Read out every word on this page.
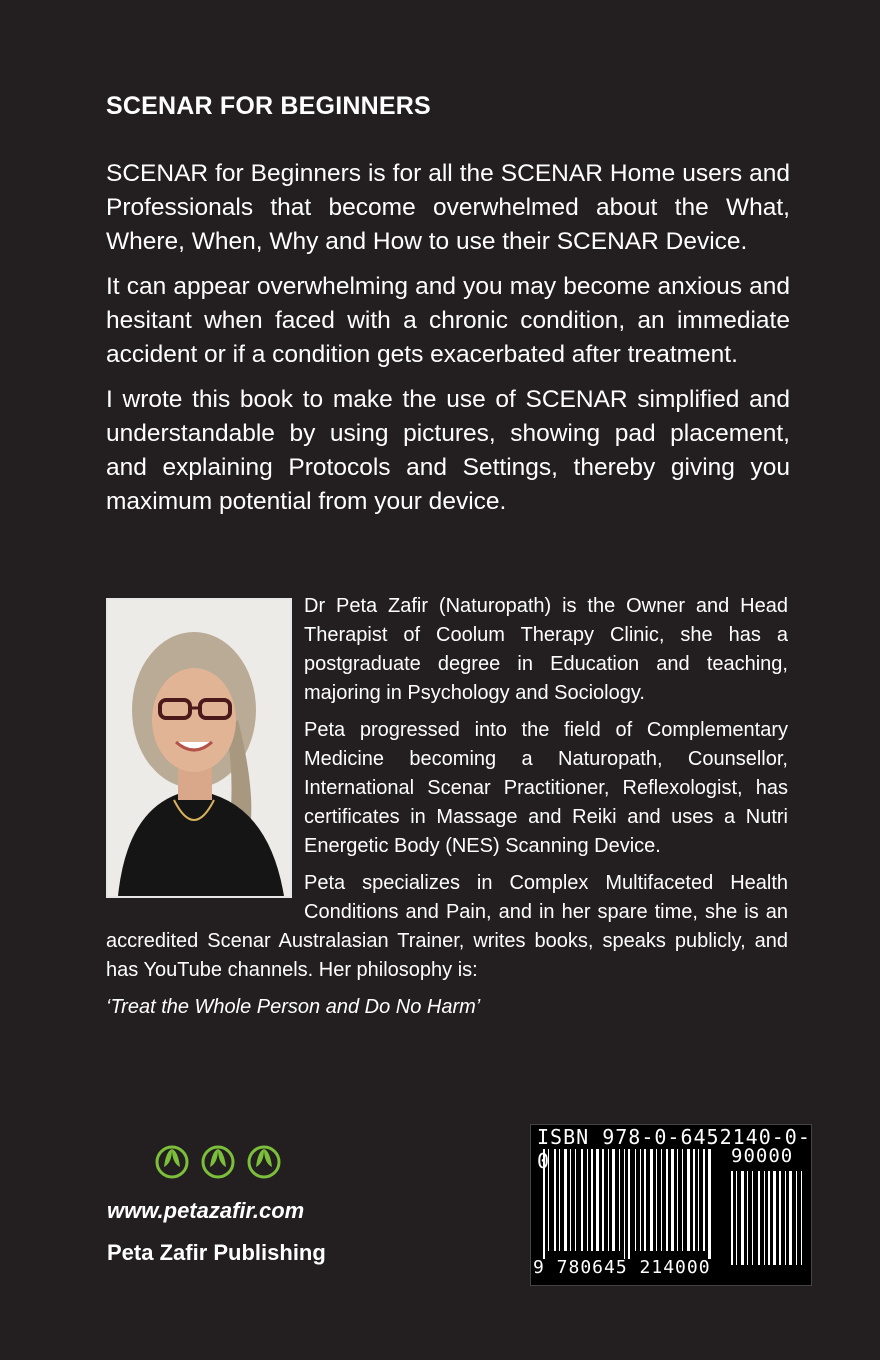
SCENAR FOR BEGINNERS

SCENAR for Beginners is for all the SCENAR Home users and Professionals that become overwhelmed about the What, Where, When, Why and How to use their SCENAR Device.

It can appear overwhelming and you may become anxious and hesitant when faced with a chronic condition, an immediate accident or if a condition gets exacerbated after treatment.

I wrote this book to make the use of SCENAR simplified and understandable by using pictures, showing pad placement, and explaining Protocols and Settings, thereby giving you maximum potential from your device.

Dr Peta Zafir (Naturopath) is the Owner and Head Therapist of Coolum Therapy Clinic, she has a postgraduate degree in Education and teaching, majoring in Psychology and Sociology.

Peta progressed into the field of Complementary Medicine becoming a Naturopath, Counsellor, International Scenar Practitioner, Reflexologist, has certificates in Massage and Reiki and uses a Nutri Energetic Body (NES) Scanning Device.

Peta specializes in Complex Multifaceted Health Conditions and Pain, and in her spare time, she is an accredited Scenar Australasian Trainer, writes books, speaks publicly, and has YouTube channels. Her philosophy is:

‘Treat the Whole Person and Do No Harm’

www.petazafir.com
Peta Zafir Publishing
ISBN 978-0-6452140-0-0	90000
9 780645 214000
